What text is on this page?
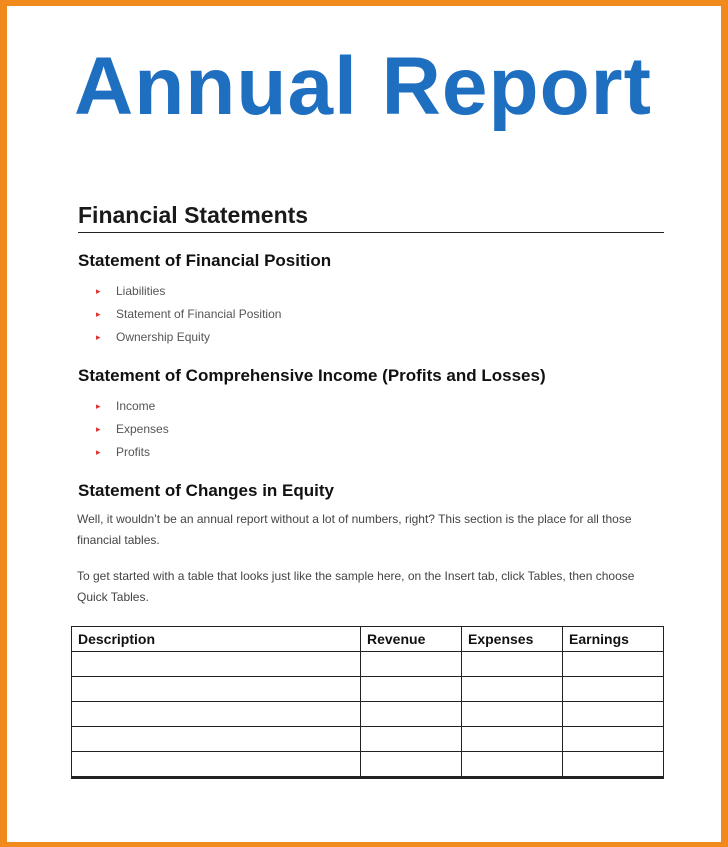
Annual Report
Financial Statements
Statement of Financial Position
▸ Liabilities
▸ Statement of Financial Position
▸ Ownership Equity
Statement of Comprehensive Income (Profits and Losses)
▸ Income
▸ Expenses
▸ Profits
Statement of Changes in Equity

Well, it wouldn’t be an annual report without a lot of numbers, right? This section is the place for all those financial tables.

To get started with a table that looks just like the sample here, on the Insert tab, click Tables, then choose Quick Tables.

Description	Revenue	Expenses	Earnings
